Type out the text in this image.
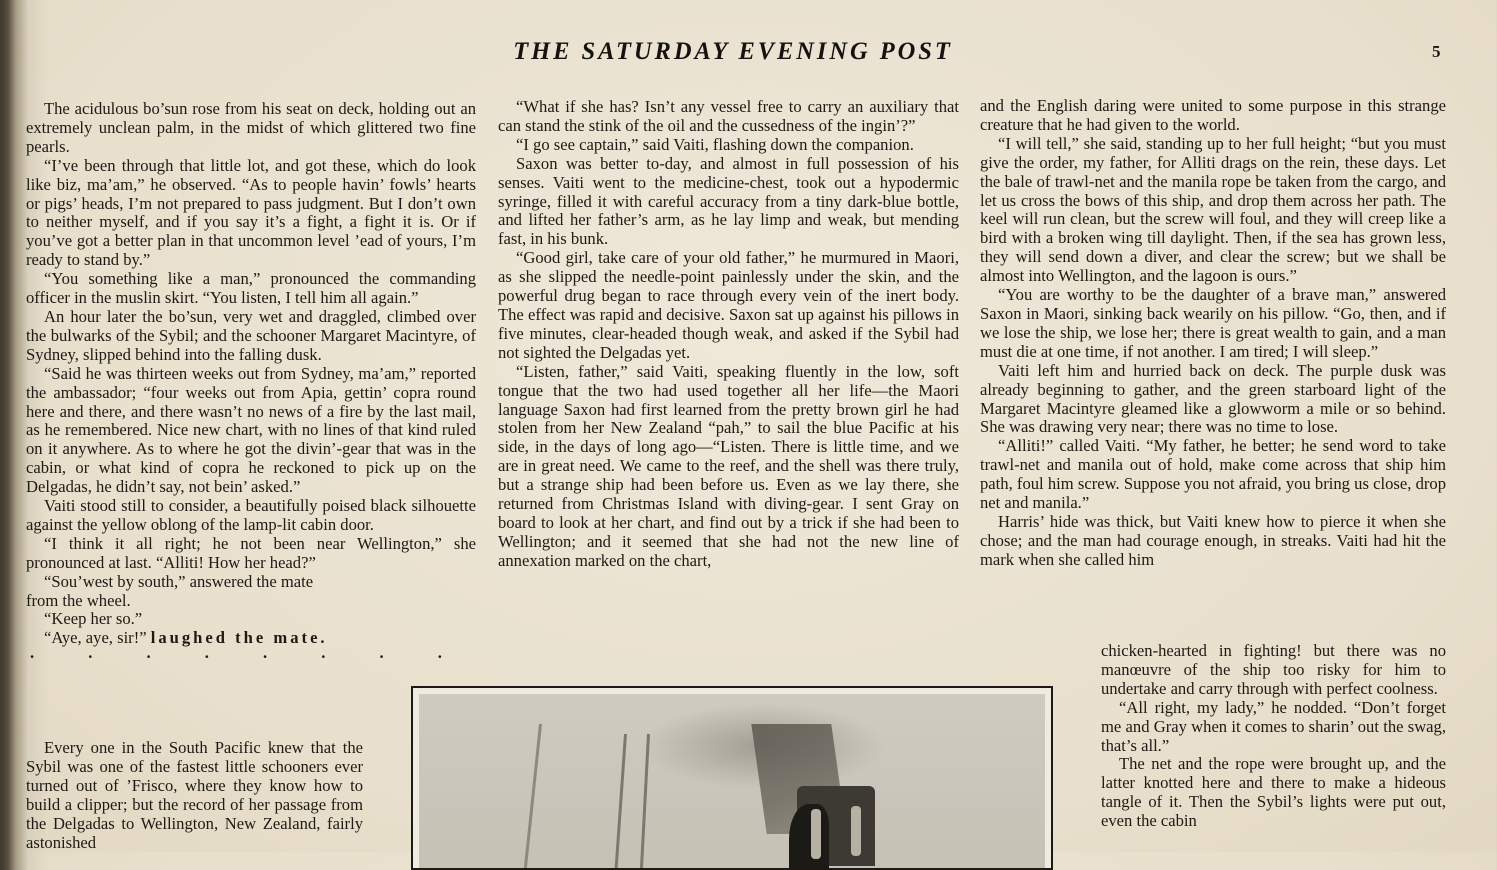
THE SATURDAY EVENING POST	5

The acidulous bo’sun rose from his seat on deck, holding out an extremely unclean palm, in the midst of which glittered two fine pearls.

“I’ve been through that little lot, and got these, which do look like biz, ma’am,” he observed. “As to people havin’ fowls’ hearts or pigs’ heads, I’m not prepared to pass judgment. But I don’t own to neither myself, and if you say it’s a fight, a fight it is. Or if you’ve got a better plan in that uncommon level ’ead of yours, I’m ready to stand by.”

“You something like a man,” pronounced the commanding officer in the muslin skirt. “You listen, I tell him all again.”

An hour later the bo’sun, very wet and draggled, climbed over the bulwarks of the Sybil; and the schooner Margaret Macintyre, of Sydney, slipped behind into the falling dusk.

“Said he was thirteen weeks out from Sydney, ma’am,” reported the ambassador; “four weeks out from Apia, gettin’ copra round here and there, and there wasn’t no news of a fire by the last mail, as he remembered. Nice new chart, with no lines of that kind ruled on it anywhere. As to where he got the divin’-gear that was in the cabin, or what kind of copra he reckoned to pick up on the Delgadas, he didn’t say, not bein’ asked.”

Vaiti stood still to consider, a beautifully poised black silhouette against the yellow oblong of the lamp-lit cabin door.

“I think it all right; he not been near Wellington,” she pronounced at last. “Alliti! How her head?”

“Sou’west by south,” answered the mate

from the wheel.

“Keep her so.”

“Aye, aye, sir!” laughed the mate.

.	.	.	.	.	.	.	.

Every one in the South Pacific knew that the Sybil was one of the fastest little schooners ever turned out of ’Frisco, where they know how to build a clipper; but the record of her passage from the Delgadas to Wellington, New Zealand, fairly astonished

“What if she has? Isn’t any vessel free to carry an auxiliary that can stand the stink of the oil and the cussedness of the ingin’?”

“I go see captain,” said Vaiti, flashing down the companion.

Saxon was better to-day, and almost in full possession of his senses. Vaiti went to the medicine-chest, took out a hypodermic syringe, filled it with careful accuracy from a tiny dark-blue bottle, and lifted her father’s arm, as he lay limp and weak, but mending fast, in his bunk.

“Good girl, take care of your old father,” he murmured in Maori, as she slipped the needle-point painlessly under the skin, and the powerful drug began to race through every vein of the inert body. The effect was rapid and decisive. Saxon sat up against his pillows in five minutes, clear-headed though weak, and asked if the Sybil had not sighted the Delgadas yet.

“Listen, father,” said Vaiti, speaking fluently in the low, soft tongue that the two had used together all her life—the Maori language Saxon had first learned from the pretty brown girl he had stolen from her New Zealand “pah,” to sail the blue Pacific at his side, in the days of long ago—“Listen. There is little time, and we are in great need. We came to the reef, and the shell was there truly, but a strange ship had been before us. Even as we lay there, she returned from Christmas Island with diving-gear. I sent Gray on board to look at her chart, and find out by a trick if she had been to Wellington; and it seemed that she had not the new line of annexation marked on the chart,

and the English daring were united to some purpose in this strange creature that he had given to the world.

“I will tell,” she said, standing up to her full height; “but you must give the order, my father, for Alliti drags on the rein, these days. Let the bale of trawl-net and the manila rope be taken from the cargo, and let us cross the bows of this ship, and drop them across her path. The keel will run clean, but the screw will foul, and they will creep like a bird with a broken wing till daylight. Then, if the sea has grown less, they will send down a diver, and clear the screw; but we shall be almost into Wellington, and the lagoon is ours.”

“You are worthy to be the daughter of a brave man,” answered Saxon in Maori, sinking back wearily on his pillow. “Go, then, and if we lose the ship, we lose her; there is great wealth to gain, and a man must die at one time, if not another. I am tired; I will sleep.”

Vaiti left him and hurried back on deck. The purple dusk was already beginning to gather, and the green starboard light of the Margaret Macintyre gleamed like a glowworm a mile or so behind. She was drawing very near; there was no time to lose.

“Alliti!” called Vaiti. “My father, he better; he send word to take trawl-net and manila out of hold, make come across that ship him path, foul him screw. Suppose you not afraid, you bring us close, drop net and manila.”

Harris’ hide was thick, but Vaiti knew how to pierce it when she chose; and the man had courage enough, in streaks. Vaiti had hit the mark when she called him

chicken-hearted in fighting! but there was no manœuvre of the ship too risky for him to undertake and carry through with perfect coolness.

“All right, my lady,” he nodded. “Don’t forget me and Gray when it comes to sharin’ out the swag, that’s all.”

The net and the rope were brought up, and the latter knotted here and there to make a hideous tangle of it. Then the Sybil’s lights were put out, even the cabin
